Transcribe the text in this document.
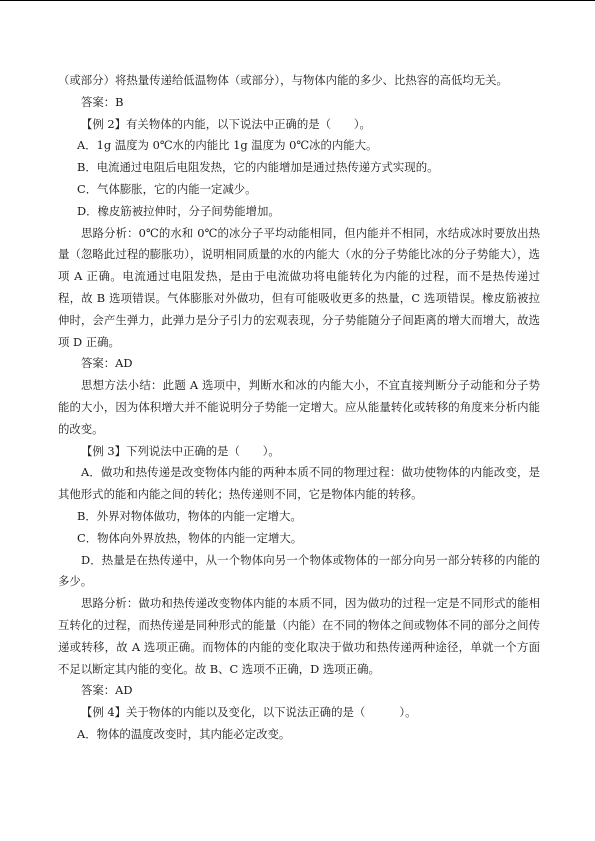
（或部分）将热量传递给低温物体（或部分），与物体内能的多少、比热容的高低均无关。

答案：B

【例 2】有关物体的内能，以下说法中正确的是（　　）。

A．1g 温度为 0℃水的内能比 1g 温度为 0℃冰的内能大。

B．电流通过电阻后电阻发热，它的内能增加是通过热传递方式实现的。

C．气体膨胀，它的内能一定减少。

D．橡皮筋被拉伸时，分子间势能增加。

思路分析：0℃的水和 0℃的冰分子平均动能相同，但内能并不相同，水结成冰时要放出热量（忽略此过程的膨胀功），说明相同质量的水的内能大（水的分子势能比冰的分子势能大），选项 A 正确。电流通过电阻发热，是由于电流做功将电能转化为内能的过程，而不是热传递过程，故 B 选项错误。气体膨胀对外做功，但有可能吸收更多的热量，C 选项错误。橡皮筋被拉伸时，会产生弹力，此弹力是分子引力的宏观表现，分子势能随分子间距离的增大而增大，故选项 D 正确。

答案：AD

思想方法小结：此题 A 选项中，判断水和冰的内能大小，不宜直接判断分子动能和分子势能的大小，因为体积增大并不能说明分子势能一定增大。应从能量转化或转移的角度来分析内能的改变。

【例 3】下列说法中正确的是（　　）。

A．做功和热传递是改变物体内能的两种本质不同的物理过程：做功使物体的内能改变，是其他形式的能和内能之间的转化；热传递则不同，它是物体内能的转移。

B．外界对物体做功，物体的内能一定增大。

C．物体向外界放热，物体的内能一定增大。

D．热量是在热传递中，从一个物体向另一个物体或物体的一部分向另一部分转移的内能的多少。

思路分析：做功和热传递改变物体内能的本质不同，因为做功的过程一定是不同形式的能相互转化的过程，而热传递是同种形式的能量（内能）在不同的物体之间或物体不同的部分之间传递或转移，故 A 选项正确。而物体的内能的变化取决于做功和热传递两种途径，单就一个方面不足以断定其内能的变化。故 B、C 选项不正确，D 选项正确。

答案：AD

【例 4】关于物体的内能以及变化，以下说法正确的是（　　　）。

A．物体的温度改变时，其内能必定改变。
